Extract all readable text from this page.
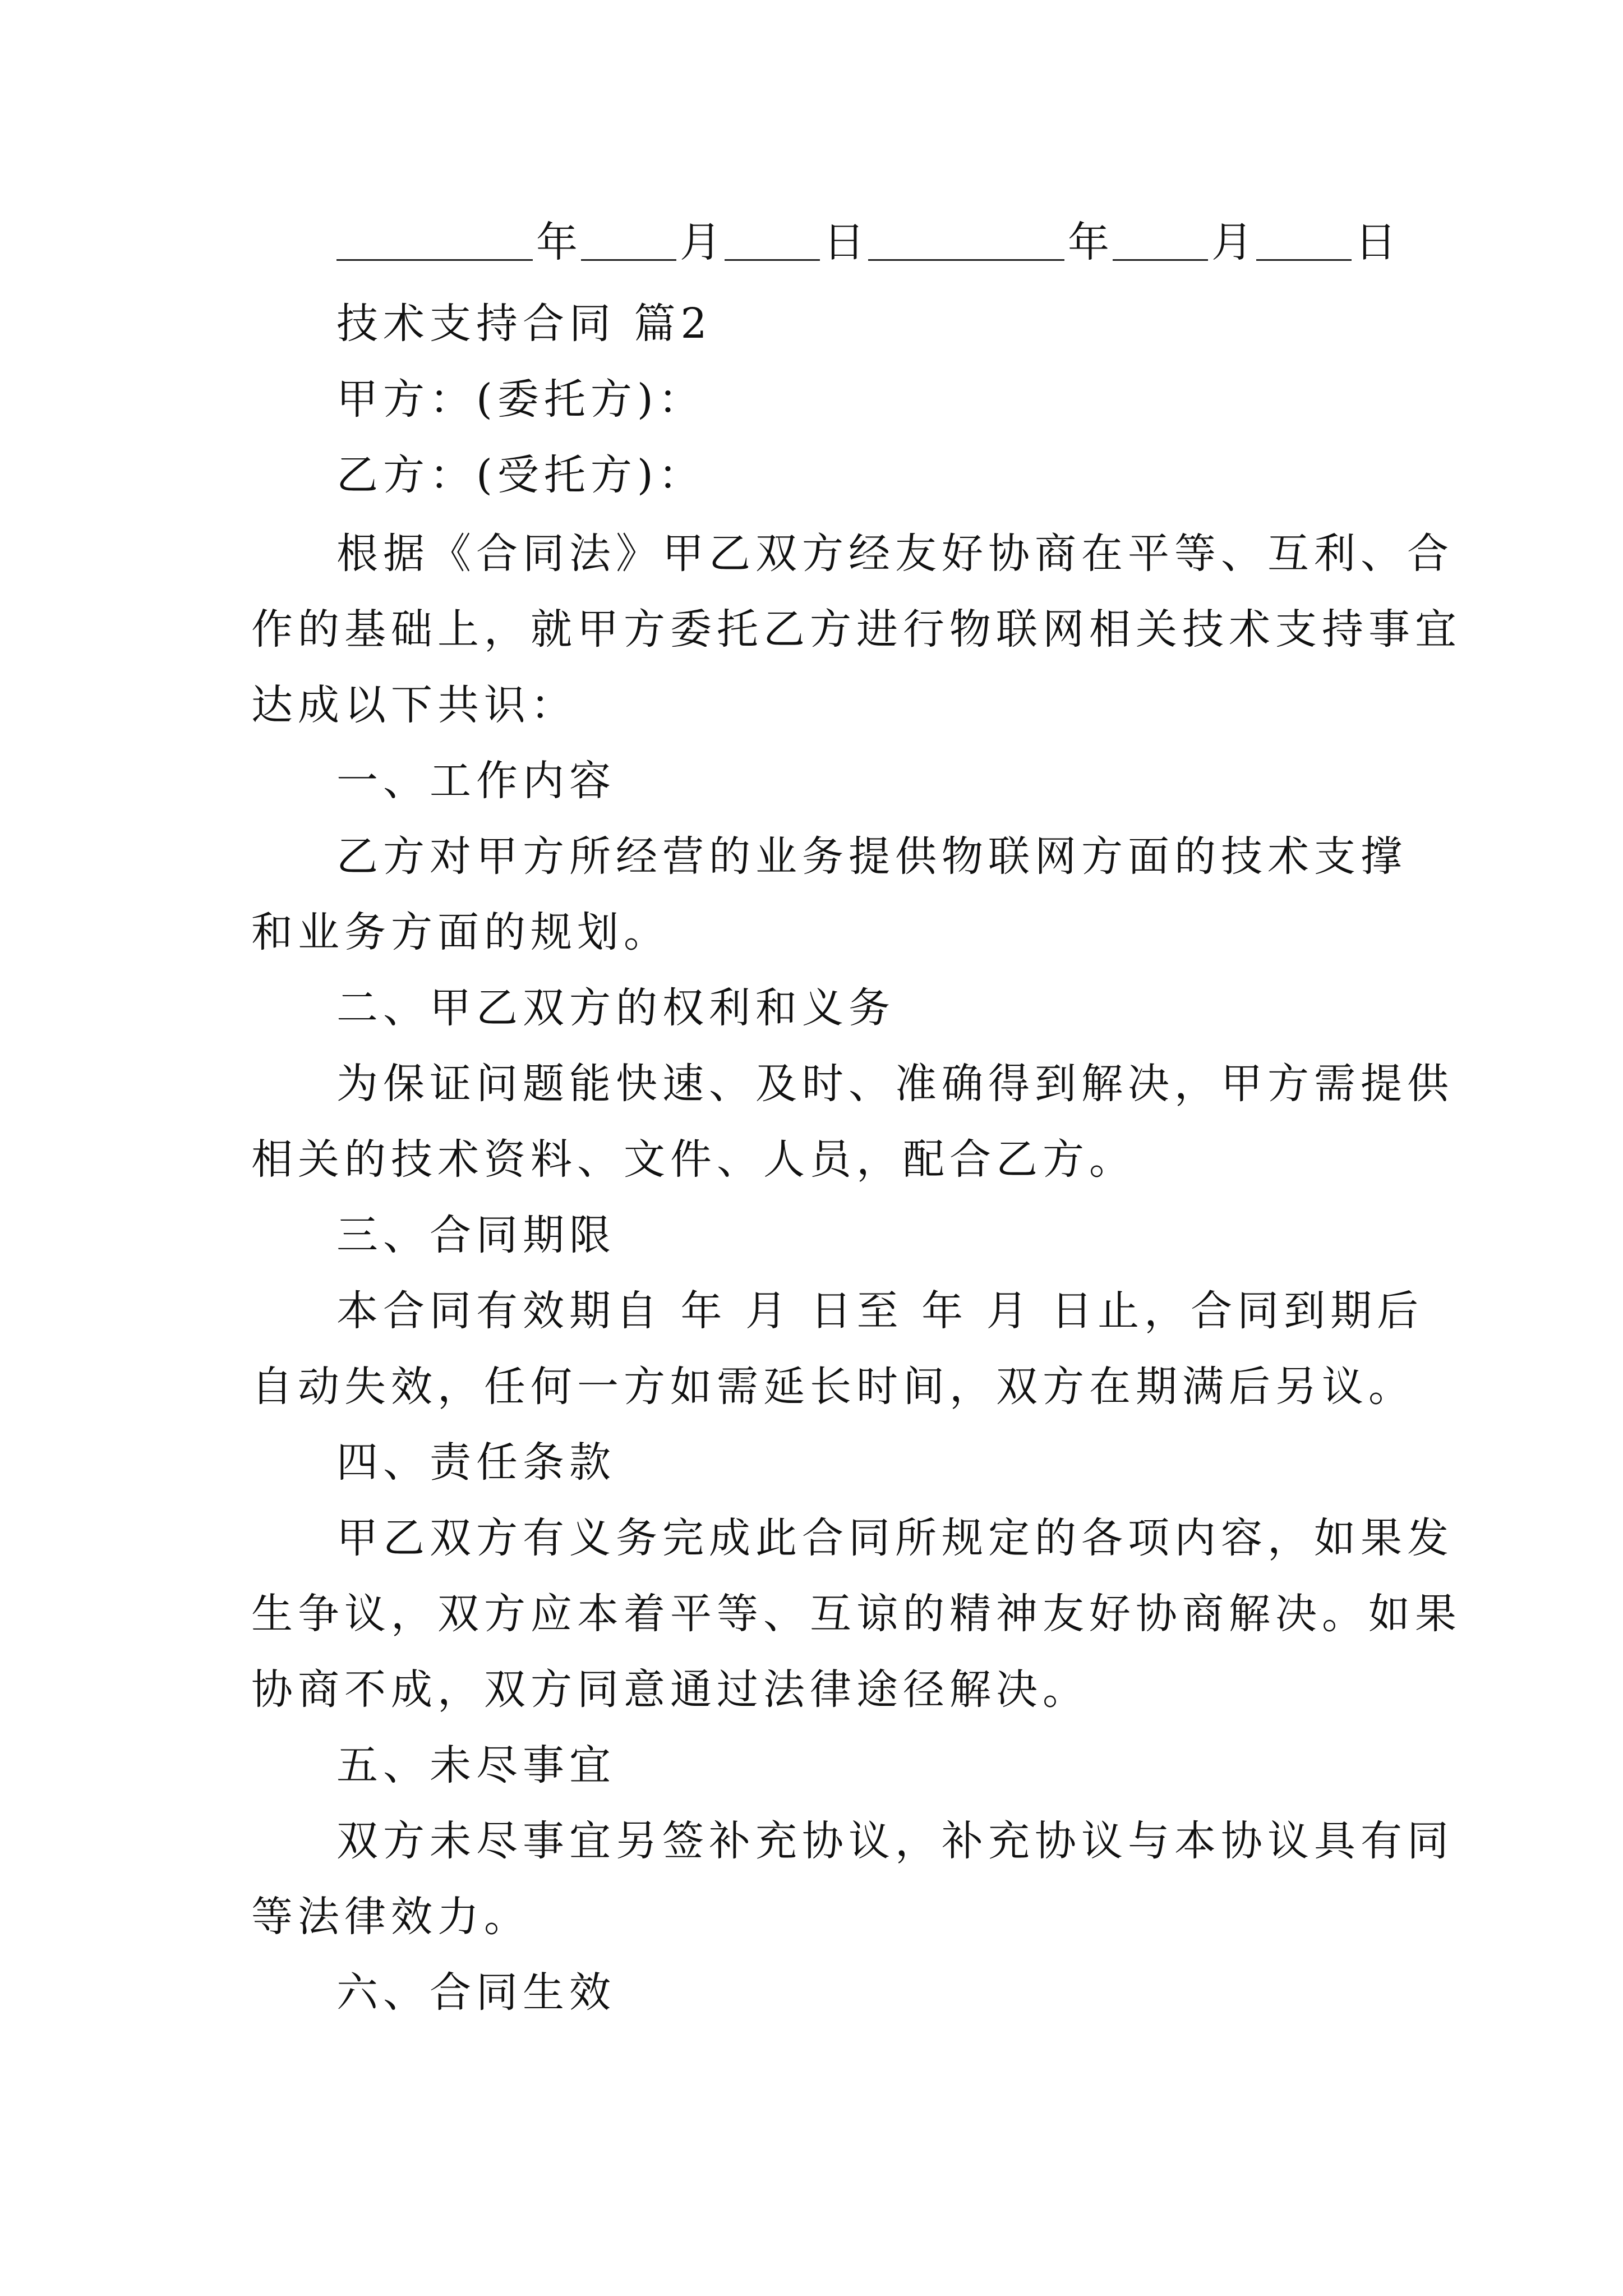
年 月 日	年 月 日
技术支持合同 篇2
甲方：(委托方)：
乙方：(受托方)：
根据《合同法》甲乙双方经友好协商在平等、互利、合
作的基础上，就甲方委托乙方进行物联网相关技术支持事宜
达成以下共识：
一、工作内容
乙方对甲方所经营的业务提供物联网方面的技术支撑
和业务方面的规划。
二、甲乙双方的权利和义务
为保证问题能快速、及时、准确得到解决，甲方需提供
相关的技术资料、文件、人员，配合乙方。
三、合同期限
本合同有效期自 年 月 日至 年 月 日止，合同到期后
自动失效，任何一方如需延长时间，双方在期满后另议。
四、责任条款
甲乙双方有义务完成此合同所规定的各项内容，如果发
生争议，双方应本着平等、互谅的精神友好协商解决。如果
协商不成，双方同意通过法律途径解决。
五、未尽事宜
双方未尽事宜另签补充协议，补充协议与本协议具有同
等法律效力。
六、合同生效
